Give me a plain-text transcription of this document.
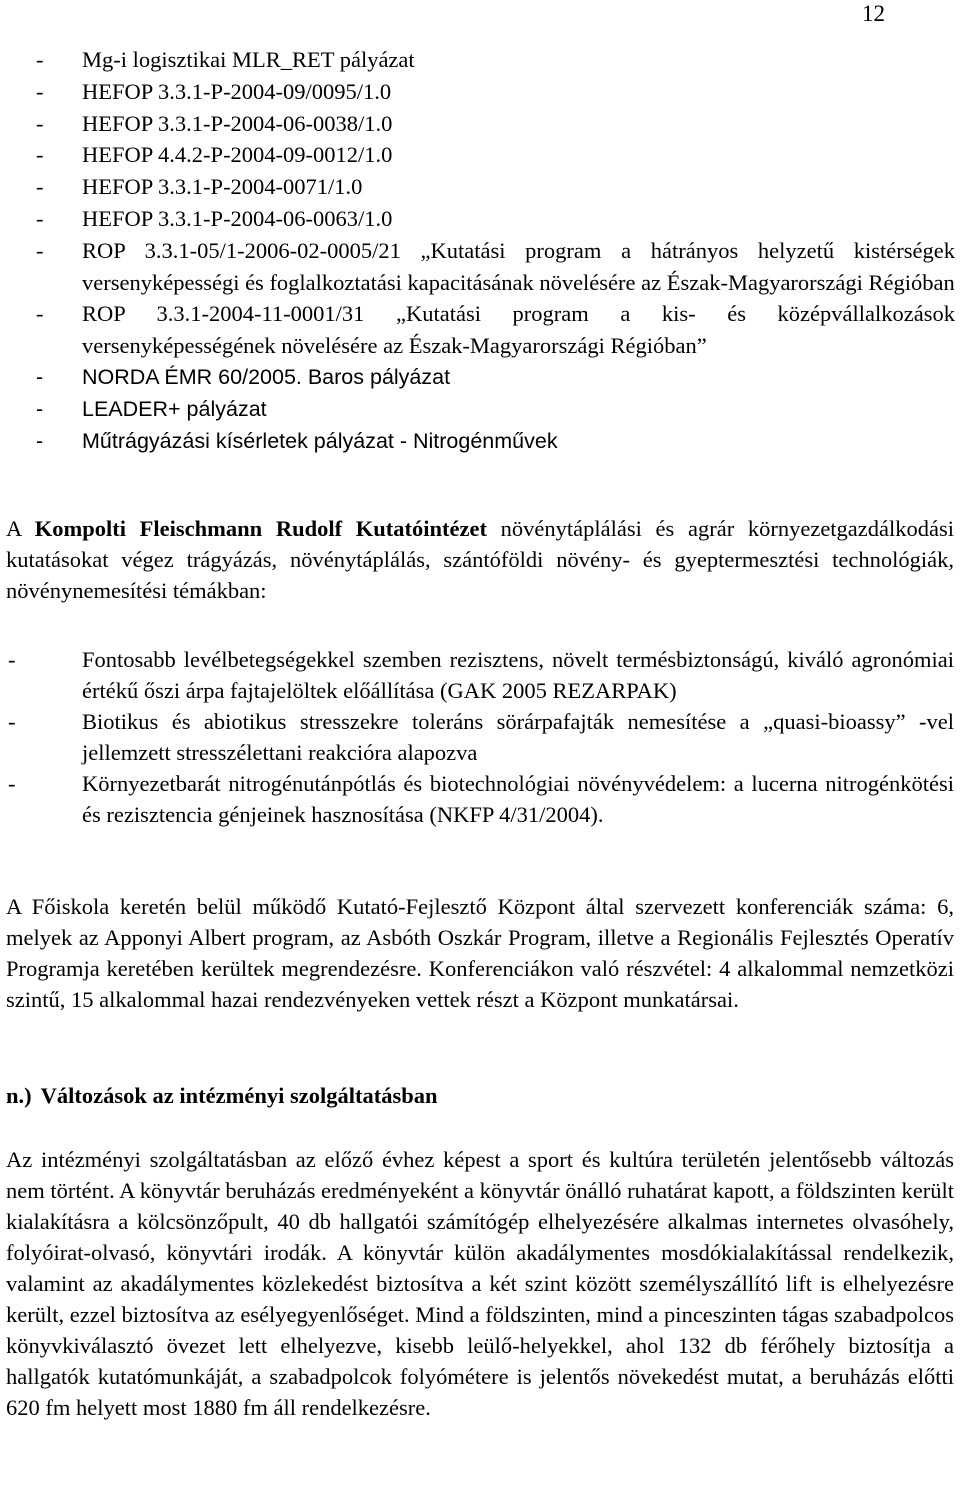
12
- Mg-i logisztikai MLR_RET pályázat
- HEFOP 3.3.1-P-2004-09/0095/1.0
- HEFOP 3.3.1-P-2004-06-0038/1.0
- HEFOP 4.4.2-P-2004-09-0012/1.0
- HEFOP 3.3.1-P-2004-0071/1.0
- HEFOP 3.3.1-P-2004-06-0063/1.0
- ROP 3.3.1-05/1-2006-02-0005/21 „Kutatási program a hátrányos helyzetű kistérségek versenyképességi és foglalkoztatási kapacitásának növelésére az Észak-Magyarországi Régióban
- ROP 3.3.1-2004-11-0001/31 „Kutatási program a kis- és középvállalkozások versenyképességének növelésére az Észak-Magyarországi Régióban”
- NORDA ÉMR 60/2005. Baros pályázat
- LEADER+ pályázat
- Műtrágyázási kísérletek pályázat - Nitrogénművek
A Kompolti Fleischmann Rudolf Kutatóintézet növénytáplálási és agrár környezetgazdálkodási kutatásokat végez trágyázás, növénytáplálás, szántóföldi növény- és gyeptermesztési technológiák, növénynemesítési témákban:
-	Fontosabb levélbetegségekkel szemben rezisztens, növelt termésbiztonságú, kiváló agronómiai értékű őszi árpa fajtajelöltek előállítása (GAK 2005 REZARPAK)
-	Biotikus és abiotikus stresszekre toleráns sörárpafajták nemesítése a „quasi-bioassy” -vel jellemzett stresszélettani reakcióra alapozva
-	Környezetbarát nitrogénutánpótlás és biotechnológiai növényvédelem: a lucerna nitrogénkötési és rezisztencia génjeinek hasznosítása (NKFP 4/31/2004).
A Főiskola keretén belül működő Kutató-Fejlesztő Központ által szervezett konferenciák száma: 6, melyek az Apponyi Albert program, az Asbóth Oszkár Program, illetve a Regionális Fejlesztés Operatív Programja keretében kerültek megrendezésre. Konferenciákon való részvétel: 4 alkalommal nemzetközi szintű, 15 alkalommal hazai rendezvényeken vettek részt a Központ munkatársai.
n.) Változások az intézményi szolgáltatásban
Az intézményi szolgáltatásban az előző évhez képest a sport és kultúra területén jelentősebb változás nem történt. A könyvtár beruházás eredményeként a könyvtár önálló ruhatárat kapott, a földszinten került kialakításra a kölcsönzőpult, 40 db hallgatói számítógép elhelyezésére alkalmas internetes olvasóhely, folyóirat-olvasó, könyvtári irodák. A könyvtár külön akadálymentes mosdókialakítással rendelkezik, valamint az akadálymentes közlekedést biztosítva a két szint között személyszállító lift is elhelyezésre került, ezzel biztosítva az esélyegyenlőséget. Mind a földszinten, mind a pinceszinten tágas szabadpolcos könyvkiválasztó övezet lett elhelyezve, kisebb leülő-helyekkel, ahol 132 db férőhely biztosítja a hallgatók kutatómunkáját, a szabadpolcok folyómétere is jelentős növekedést mutat, a beruházás előtti 620 fm helyett most 1880 fm áll rendelkezésre.
